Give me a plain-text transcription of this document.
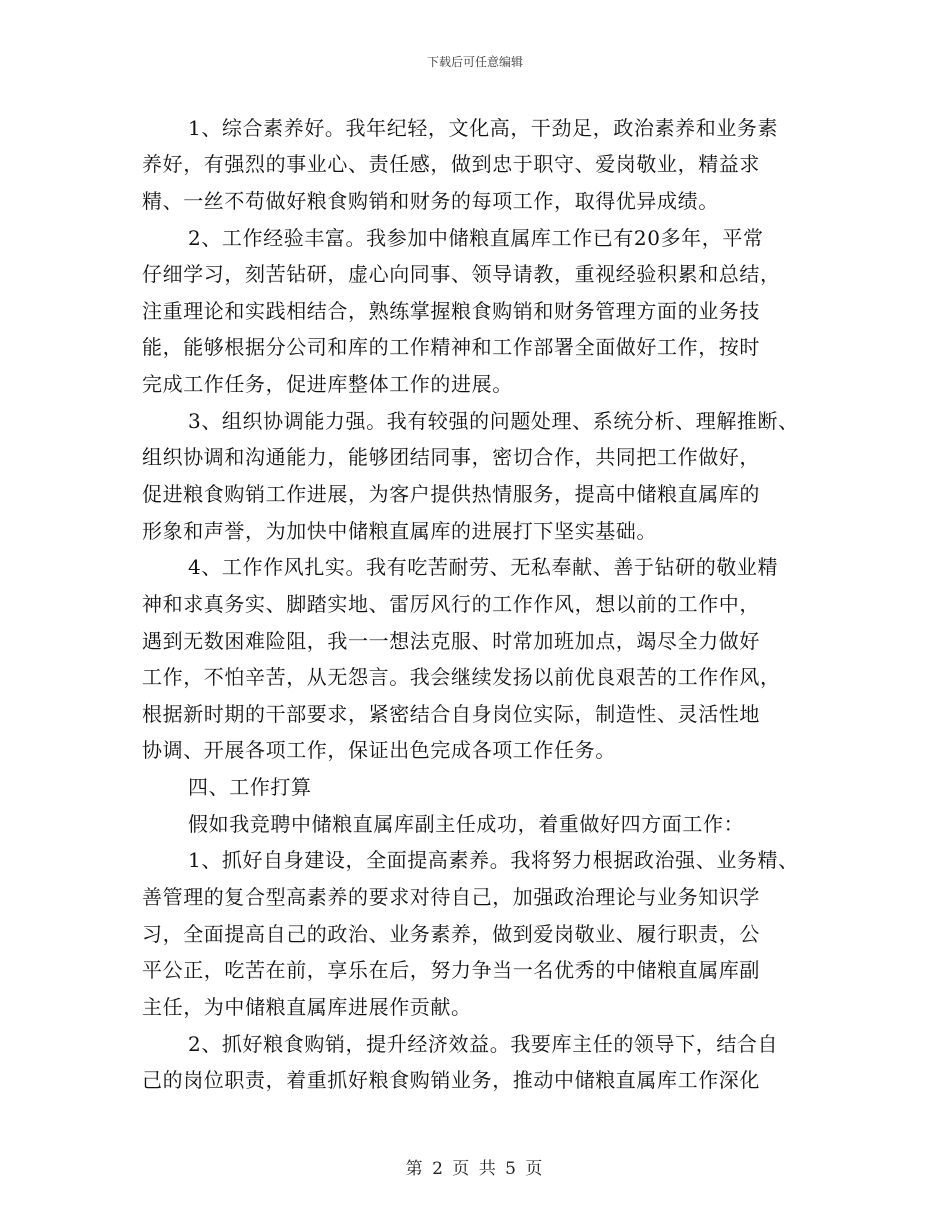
下载后可任意编辑
1、综合素养好。我年纪轻，文化高，干劲足，政治素养和业务素
养好，有强烈的事业心、责任感，做到忠于职守、爱岗敬业，精益求
精、一丝不苟做好粮食购销和财务的每项工作，取得优异成绩。
2、工作经验丰富。我参加中储粮直属库工作已有20多年，平常
仔细学习，刻苦钻研，虚心向同事、领导请教，重视经验积累和总结，
注重理论和实践相结合，熟练掌握粮食购销和财务管理方面的业务技
能，能够根据分公司和库的工作精神和工作部署全面做好工作，按时
完成工作任务，促进库整体工作的进展。
3、组织协调能力强。我有较强的问题处理、系统分析、理解推断、
组织协调和沟通能力，能够团结同事，密切合作，共同把工作做好，
促进粮食购销工作进展，为客户提供热情服务，提高中储粮直属库的
形象和声誉，为加快中储粮直属库的进展打下坚实基础。
4、工作作风扎实。我有吃苦耐劳、无私奉献、善于钻研的敬业精
神和求真务实、脚踏实地、雷厉风行的工作作风，想以前的工作中，
遇到无数困难险阻，我一一想法克服、时常加班加点，竭尽全力做好
工作，不怕辛苦，从无怨言。我会继续发扬以前优良艰苦的工作作风，
根据新时期的干部要求，紧密结合自身岗位实际，制造性、灵活性地
协调、开展各项工作，保证出色完成各项工作任务。
四、工作打算
假如我竞聘中储粮直属库副主任成功，着重做好四方面工作：
1、抓好自身建设，全面提高素养。我将努力根据政治强、业务精、
善管理的复合型高素养的要求对待自己，加强政治理论与业务知识学
习，全面提高自己的政治、业务素养，做到爱岗敬业、履行职责，公
平公正，吃苦在前，享乐在后，努力争当一名优秀的中储粮直属库副
主任，为中储粮直属库进展作贡献。
2、抓好粮食购销，提升经济效益。我要库主任的领导下，结合自
己的岗位职责，着重抓好粮食购销业务，推动中储粮直属库工作深化
第 2 页 共 5 页
